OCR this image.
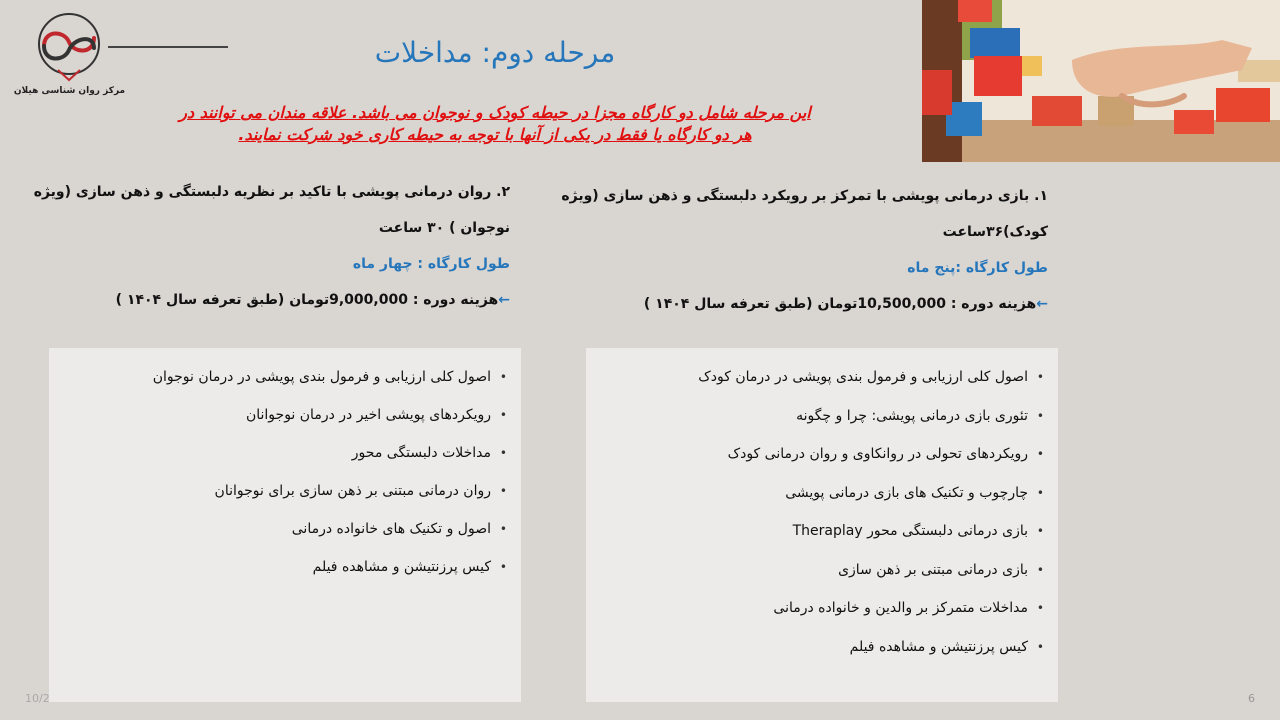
مرکز روان شناسی هیلان
مرحله دوم: مداخلات
این مرحله شامل دو کارگاه مجزا در حیطه کودک و نوجوان می باشد. علاقه مندان می توانند در
هر دو کارگاه یا فقط در یکی از آنها با توجه به حیطه کاری خود شرکت نمایند.
۱. بازی درمانی پویشی با تمرکز بر رویکرد دلبستگی و ذهن سازی (ویژه
کودک)۳۶ساعت
طول کارگاه :پنج ماه
←هزینه دوره : 10,500,000تومان (طبق تعرفه سال ۱۴۰۴ )
۲. روان درمانی پویشی با تاکید بر نظریه دلبستگی و ذهن سازی (ویژه
نوجوان ) ۳۰ ساعت
طول کارگاه : چهار ماه
←هزینه دوره : 9,000,000تومان (طبق تعرفه سال ۱۴۰۴ )
• اصول کلی ارزیابی و فرمول بندی پویشی در درمان کودک
• تئوری بازی درمانی پویشی: چرا و چگونه
• رویکردهای تحولی در روانکاوی و روان درمانی کودک
• چارچوب و تکنیک های بازی درمانی پویشی
• بازی درمانی دلبستگی محور Theraplay
• بازی درمانی مبتنی بر ذهن سازی
• مداخلات متمرکز بر والدین و خانواده درمانی
• کیس پرزنتیشن و مشاهده فیلم
• اصول کلی ارزیابی و فرمول بندی پویشی در درمان نوجوان
• رویکردهای پویشی اخیر در درمان نوجوانان
• مداخلات دلبستگی محور
• روان درمانی مبتنی بر ذهن سازی برای نوجوانان
• اصول و تکنیک های خانواده درمانی
• کیس پرزنتیشن و مشاهده فیلم
10/2	6
